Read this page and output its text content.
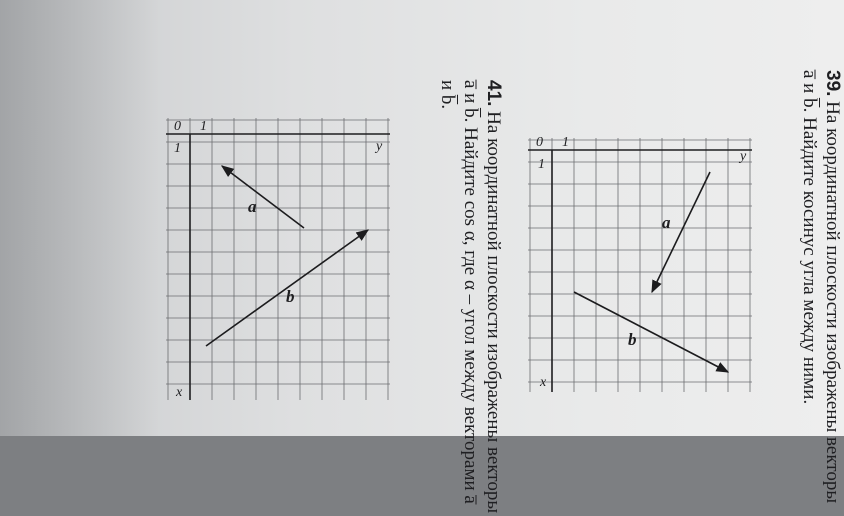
39. На координатной плоскости изображены векторы a̅ и b̅. Найдите косинус угла между ними.
41. На координатной плоскости изображены векторы a̅ и b̅. Найдите cos α, где α – угол между векторами a̅ и b̅.
x
y
0
1
1
a
b
x
y
0
1
1
a
b
